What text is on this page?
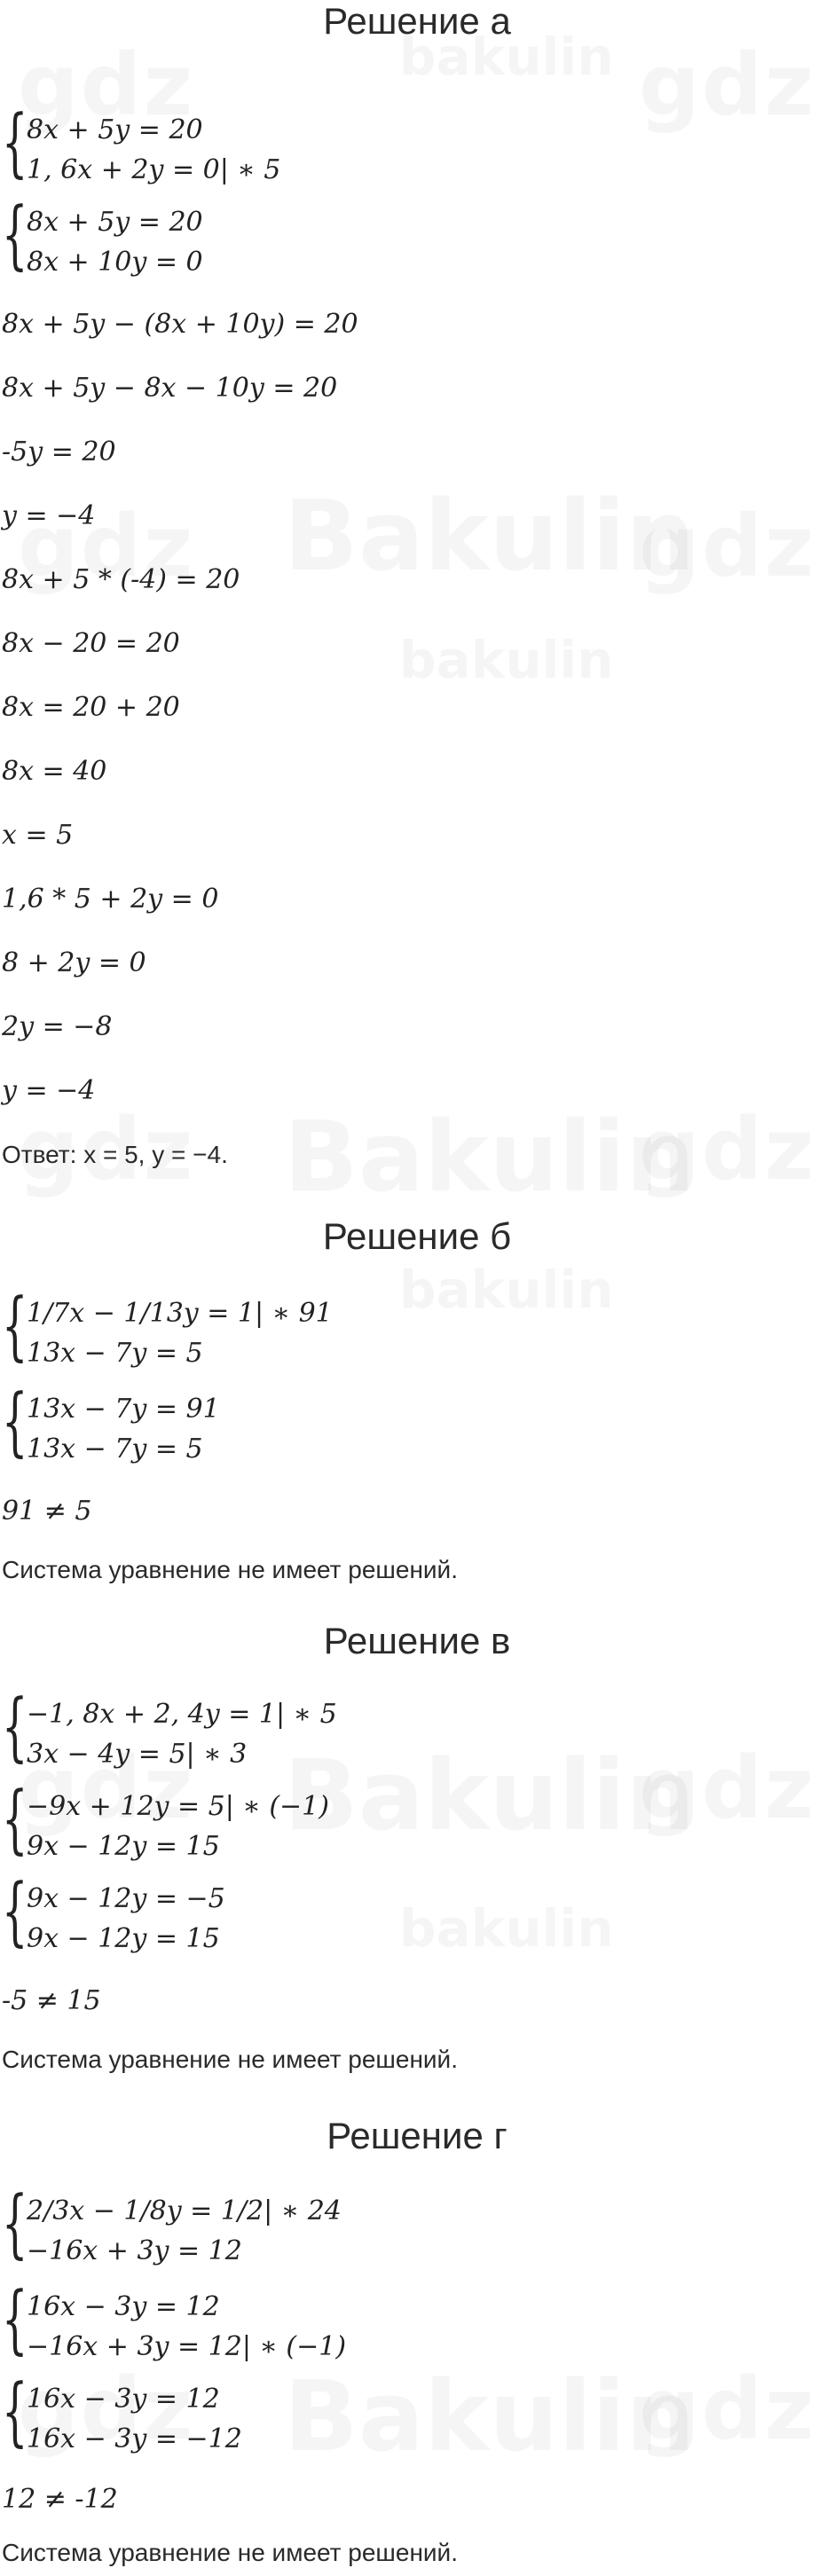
Решение а
{
8x + 5y = 20
1, 6x + 2y = 0| ∗ 5
{
8x + 5y = 20
8x + 10y = 0
8x + 5y − (8x + 10y) = 20
8x + 5y − 8x − 10y = 20
-5y = 20
y = −4
8x + 5 * (-4) = 20
8x − 20 = 20
8x = 20 + 20
8x = 40
x = 5
1,6 * 5 + 2y = 0
8 + 2y = 0
2y = −8
y = −4
Ответ: x = 5, y = −4.
Решение б
{
1/7x − 1/13y = 1| ∗ 91
13x − 7y = 5
{
13x − 7y = 91
13x − 7y = 5
91 ≠ 5
Система уравнение не имеет решений.
Решение в
{
−1, 8x + 2, 4y = 1| ∗ 5
3x − 4y = 5| ∗ 3
{
−9x + 12y = 5| ∗ (−1)
9x − 12y = 15
{
9x − 12y = −5
9x − 12y = 15
-5 ≠ 15
Система уравнение не имеет решений.
Решение г
{
2/3x − 1/8y = 1/2| ∗ 24
−16x + 3y = 12
{
16x − 3y = 12
−16x + 3y = 12| ∗ (−1)
{
16x − 3y = 12
16x − 3y = −12
12 ≠ -12
Система уравнение не имеет решений.
